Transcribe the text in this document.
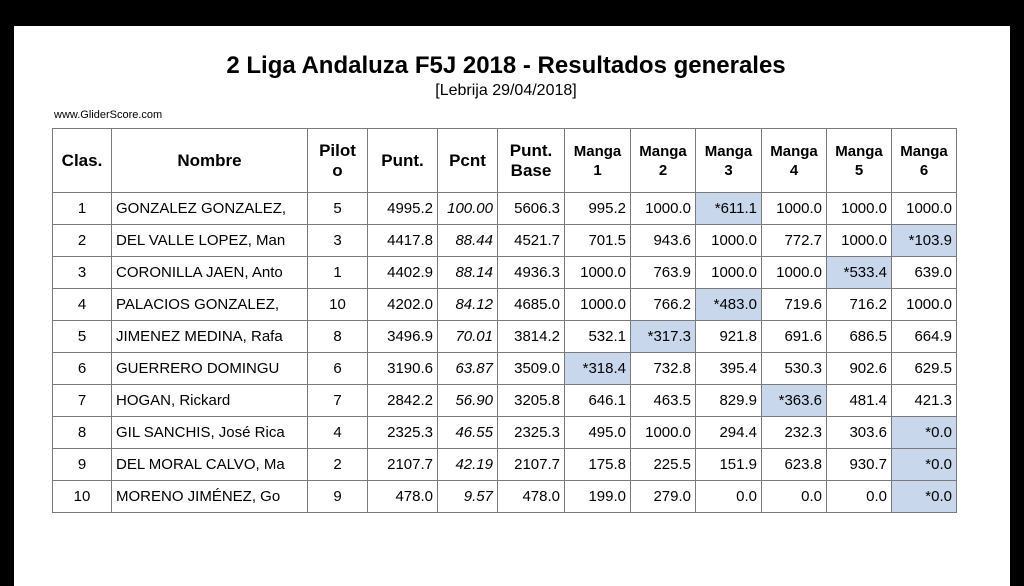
2 Liga Andaluza F5J 2018 - Resultados generales
[Lebrija 29/04/2018]
www.GliderScore.com
Clas.	Nombre	Pilot o	Punt.	Pcnt	Punt. Base	Manga 1	Manga 2	Manga 3	Manga 4	Manga 5	Manga 6
1	GONZALEZ GONZALEZ,	5	4995.2	100.00	5606.3	995.2	1000.0	*611.1	1000.0	1000.0	1000.0
2	DEL VALLE LOPEZ, Man	3	4417.8	88.44	4521.7	701.5	943.6	1000.0	772.7	1000.0	*103.9
3	CORONILLA JAEN, Anto	1	4402.9	88.14	4936.3	1000.0	763.9	1000.0	1000.0	*533.4	639.0
4	PALACIOS GONZALEZ,	10	4202.0	84.12	4685.0	1000.0	766.2	*483.0	719.6	716.2	1000.0
5	JIMENEZ MEDINA, Rafa	8	3496.9	70.01	3814.2	532.1	*317.3	921.8	691.6	686.5	664.9
6	GUERRERO DOMINGU	6	3190.6	63.87	3509.0	*318.4	732.8	395.4	530.3	902.6	629.5
7	HOGAN, Rickard	7	2842.2	56.90	3205.8	646.1	463.5	829.9	*363.6	481.4	421.3
8	GIL SANCHIS, José Rica	4	2325.3	46.55	2325.3	495.0	1000.0	294.4	232.3	303.6	*0.0
9	DEL MORAL CALVO, Ma	2	2107.7	42.19	2107.7	175.8	225.5	151.9	623.8	930.7	*0.0
10	MORENO JIMÉNEZ, Go	9	478.0	9.57	478.0	199.0	279.0	0.0	0.0	0.0	*0.0
